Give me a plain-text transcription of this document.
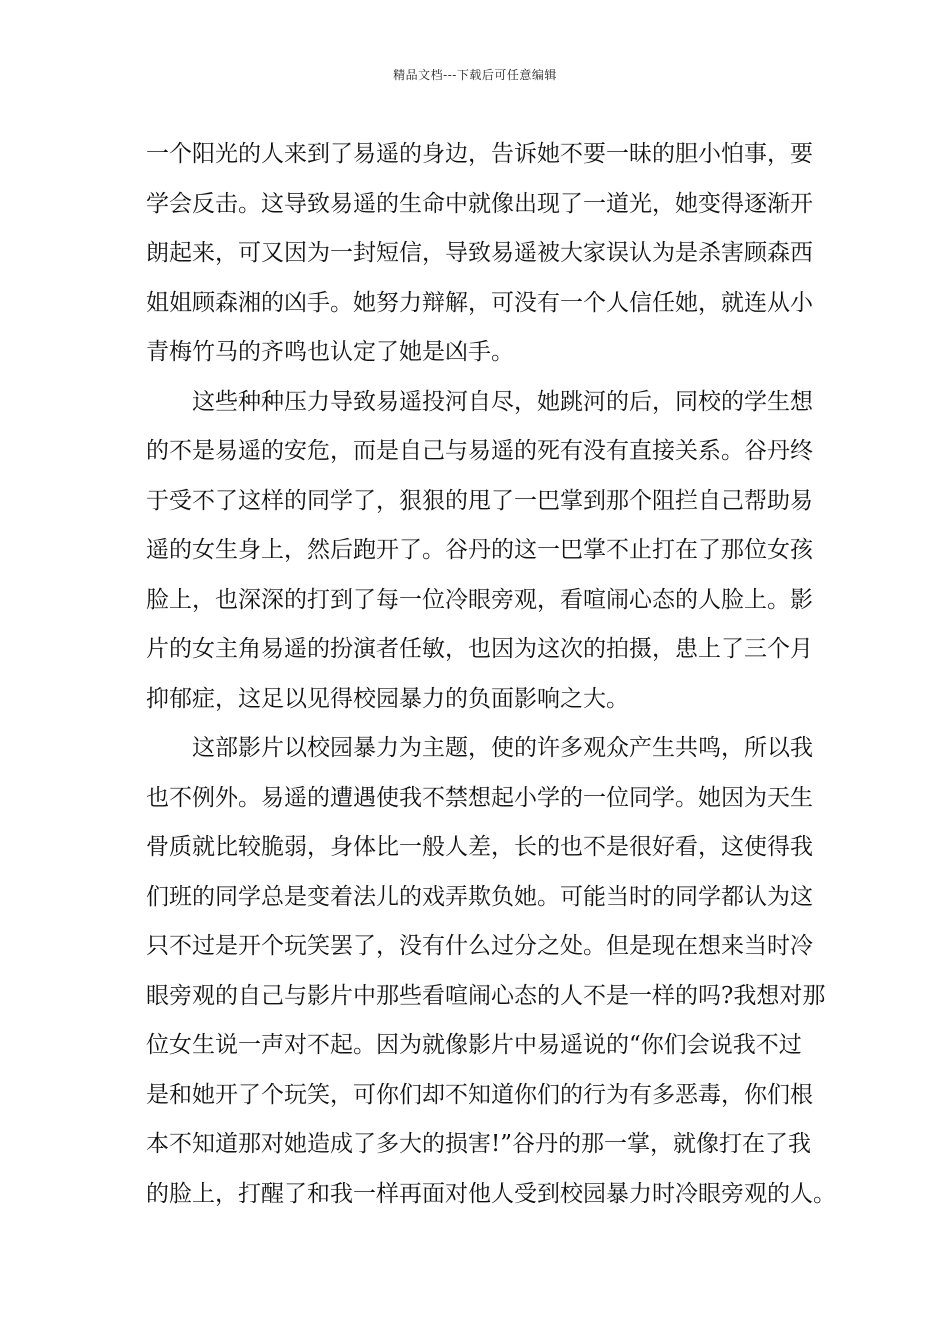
精品文档---下载后可任意编辑
一个阳光的人来到了易遥的身边，告诉她不要一昧的胆小怕事，要
学会反击。这导致易遥的生命中就像出现了一道光，她变得逐渐开
朗起来，可又因为一封短信，导致易遥被大家误认为是杀害顾森西
姐姐顾森湘的凶手。她努力辩解，可没有一个人信任她，就连从小
青梅竹马的齐鸣也认定了她是凶手。
这些种种压力导致易遥投河自尽，她跳河的后，同校的学生想
的不是易遥的安危，而是自己与易遥的死有没有直接关系。谷丹终
于受不了这样的同学了，狠狠的甩了一巴掌到那个阻拦自己帮助易
遥的女生身上，然后跑开了。谷丹的这一巴掌不止打在了那位女孩
脸上，也深深的打到了每一位冷眼旁观，看喧闹心态的人脸上。影
片的女主角易遥的扮演者任敏，也因为这次的拍摄，患上了三个月
抑郁症，这足以见得校园暴力的负面影响之大。
这部影片以校园暴力为主题，使的许多观众产生共鸣，所以我
也不例外。易遥的遭遇使我不禁想起小学的一位同学。她因为天生
骨质就比较脆弱，身体比一般人差，长的也不是很好看，这使得我
们班的同学总是变着法儿的戏弄欺负她。可能当时的同学都认为这
只不过是开个玩笑罢了，没有什么过分之处。但是现在想来当时冷
眼旁观的自己与影片中那些看喧闹心态的人不是一样的吗?我想对那
位女生说一声对不起。因为就像影片中易遥说的“你们会说我不过
是和她开了个玩笑，可你们却不知道你们的行为有多恶毒，你们根
本不知道那对她造成了多大的损害!”谷丹的那一掌，就像打在了我
的脸上，打醒了和我一样再面对他人受到校园暴力时冷眼旁观的人。
